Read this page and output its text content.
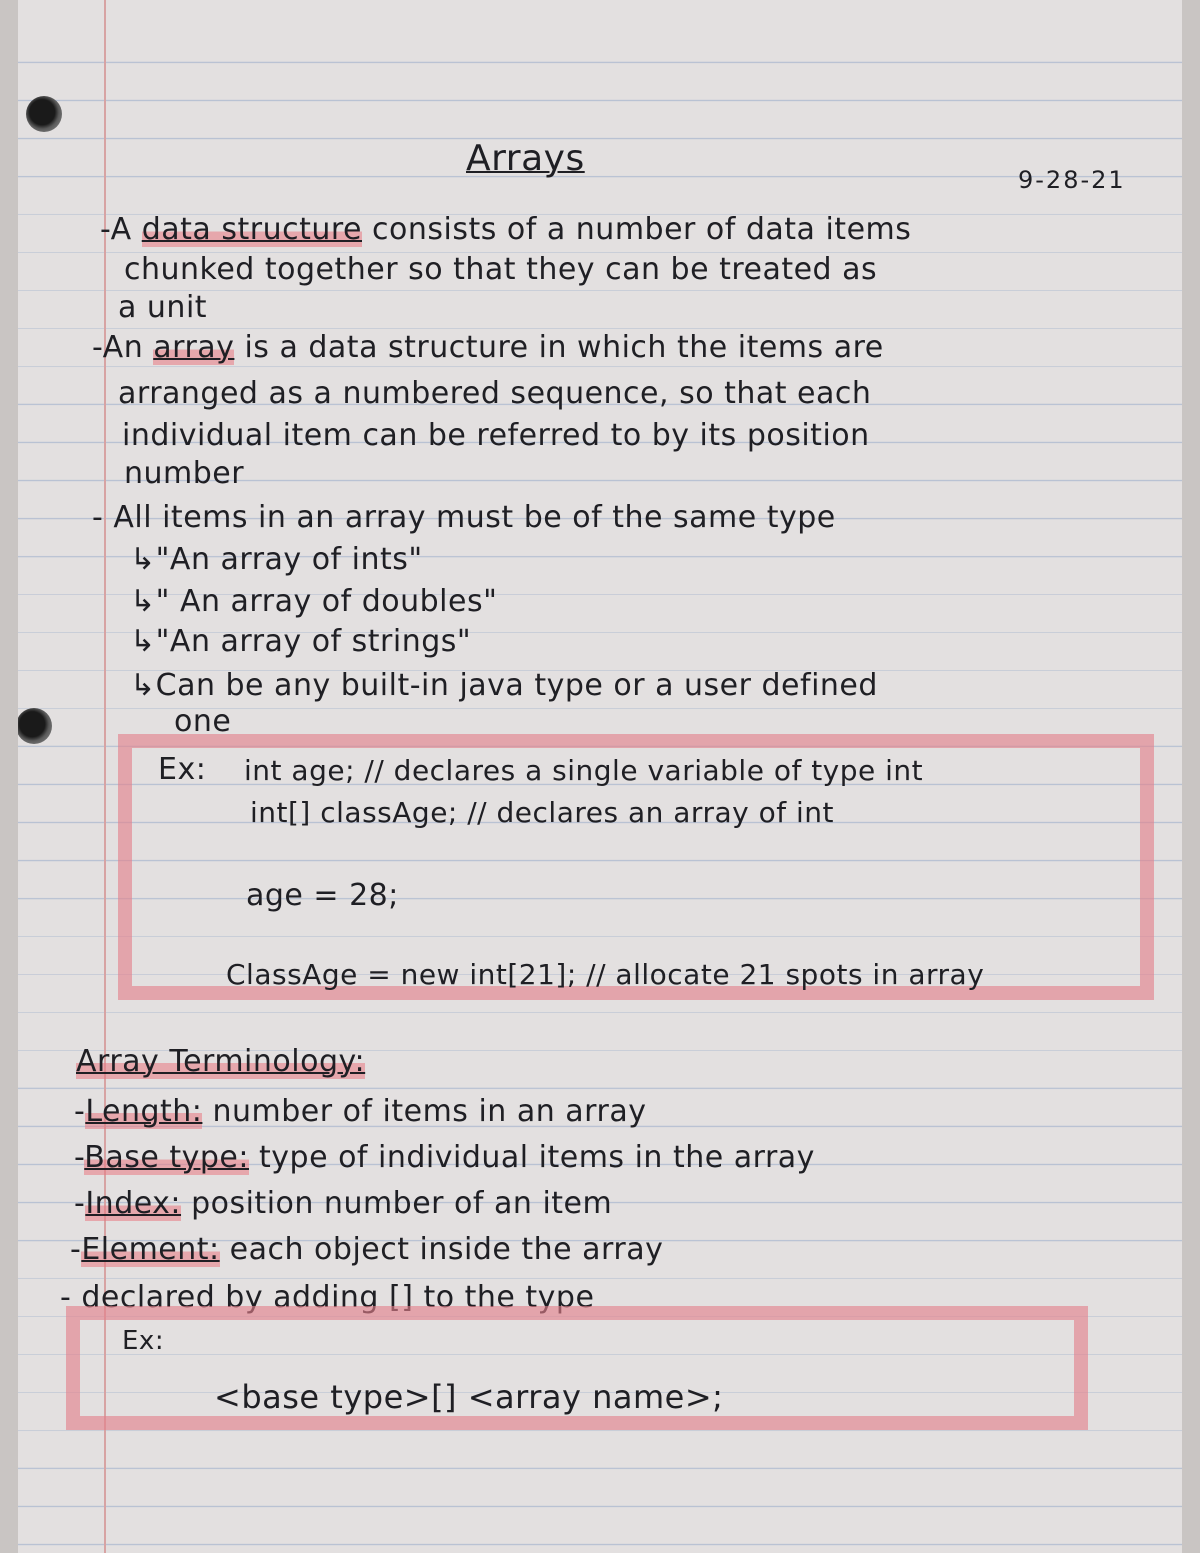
Arrays

9-28-21

-A data structure consists of a number of data items

chunked together so that they can be treated as

a unit

-An array is a data structure in which the items are

arranged as a numbered sequence, so that each

individual item can be referred to by its position

number

- All items in an array must be of the same type

↳"An array of ints"

↳" An array of doubles"

↳"An array of strings"

↳Can be any built-in java type or a user defined

one

Ex: int age; // declares a single variable of type int

int[] classAge; // declares an array of int

age = 28;

ClassAge = new int[21]; // allocate 21 spots in array

Array Terminology:

-Length: number of items in an array

-Base type: type of individual items in the array

-Index: position number of an item

-Element: each object inside the array

- declared by adding [] to the type

Ex:

<base type>[] <array name>;
